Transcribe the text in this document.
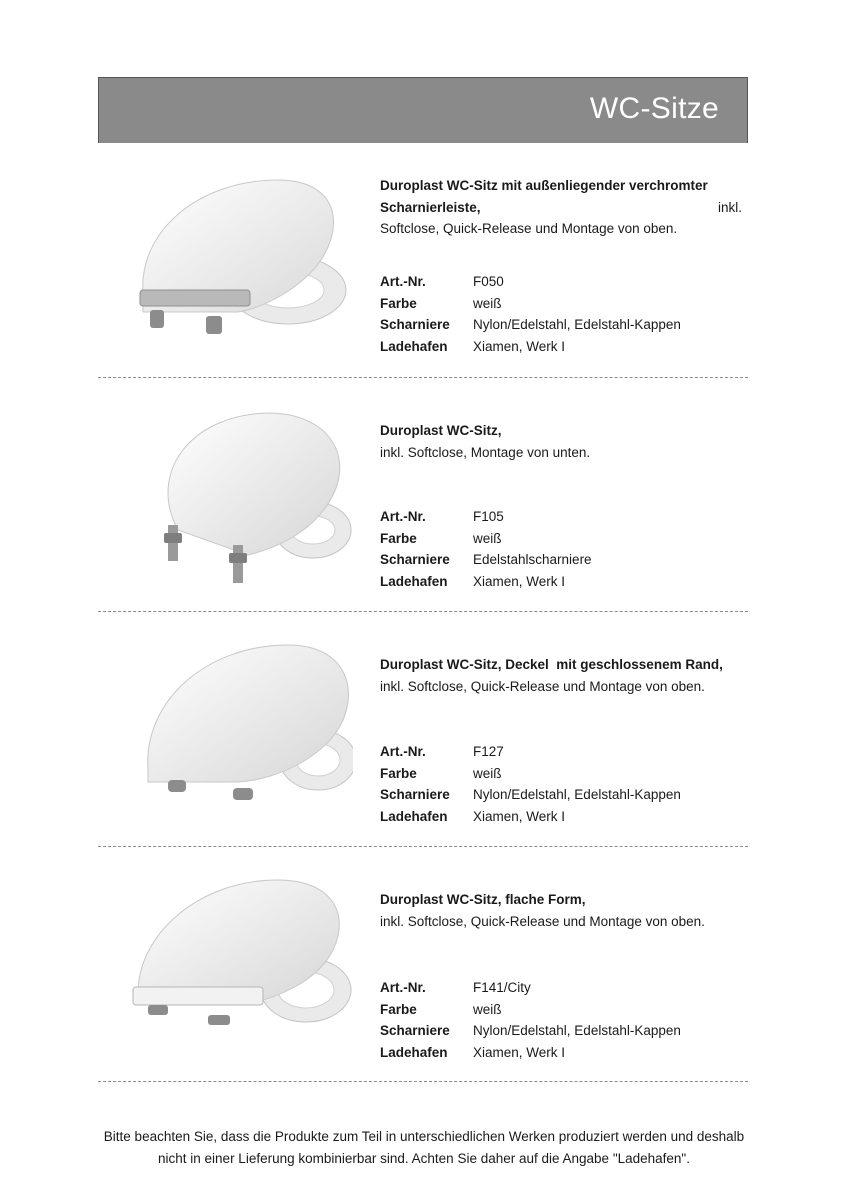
WC-Sitze
Duroplast WC-Sitz mit außenliegender verchromter
Scharnierleiste,	inkl.
Softclose, Quick-Release und Montage von oben.
Art.-Nr.	F050
Farbe	weiß
Scharniere Nylon/Edelstahl, Edelstahl-Kappen
Ladehafen Xiamen, Werk I
Duroplast WC-Sitz,
inkl. Softclose, Montage von unten.
Art.-Nr.	F105
Farbe	weiß
Scharniere Edelstahlscharniere
Ladehafen Xiamen, Werk I
Duroplast WC-Sitz, Deckel  mit geschlossenem Rand,
inkl. Softclose, Quick-Release und Montage von oben.
Art.-Nr.	F127
Farbe	weiß
Scharniere Nylon/Edelstahl, Edelstahl-Kappen
Ladehafen Xiamen, Werk I
Duroplast WC-Sitz, flache Form,
inkl. Softclose, Quick-Release und Montage von oben.
Art.-Nr.	F141/City
Farbe	weiß
Scharniere Nylon/Edelstahl, Edelstahl-Kappen
Ladehafen Xiamen, Werk I
Bitte beachten Sie, dass die Produkte zum Teil in unterschiedlichen Werken produziert werden und deshalb
nicht in einer Lieferung kombinierbar sind. Achten Sie daher auf die Angabe "Ladehafen".
